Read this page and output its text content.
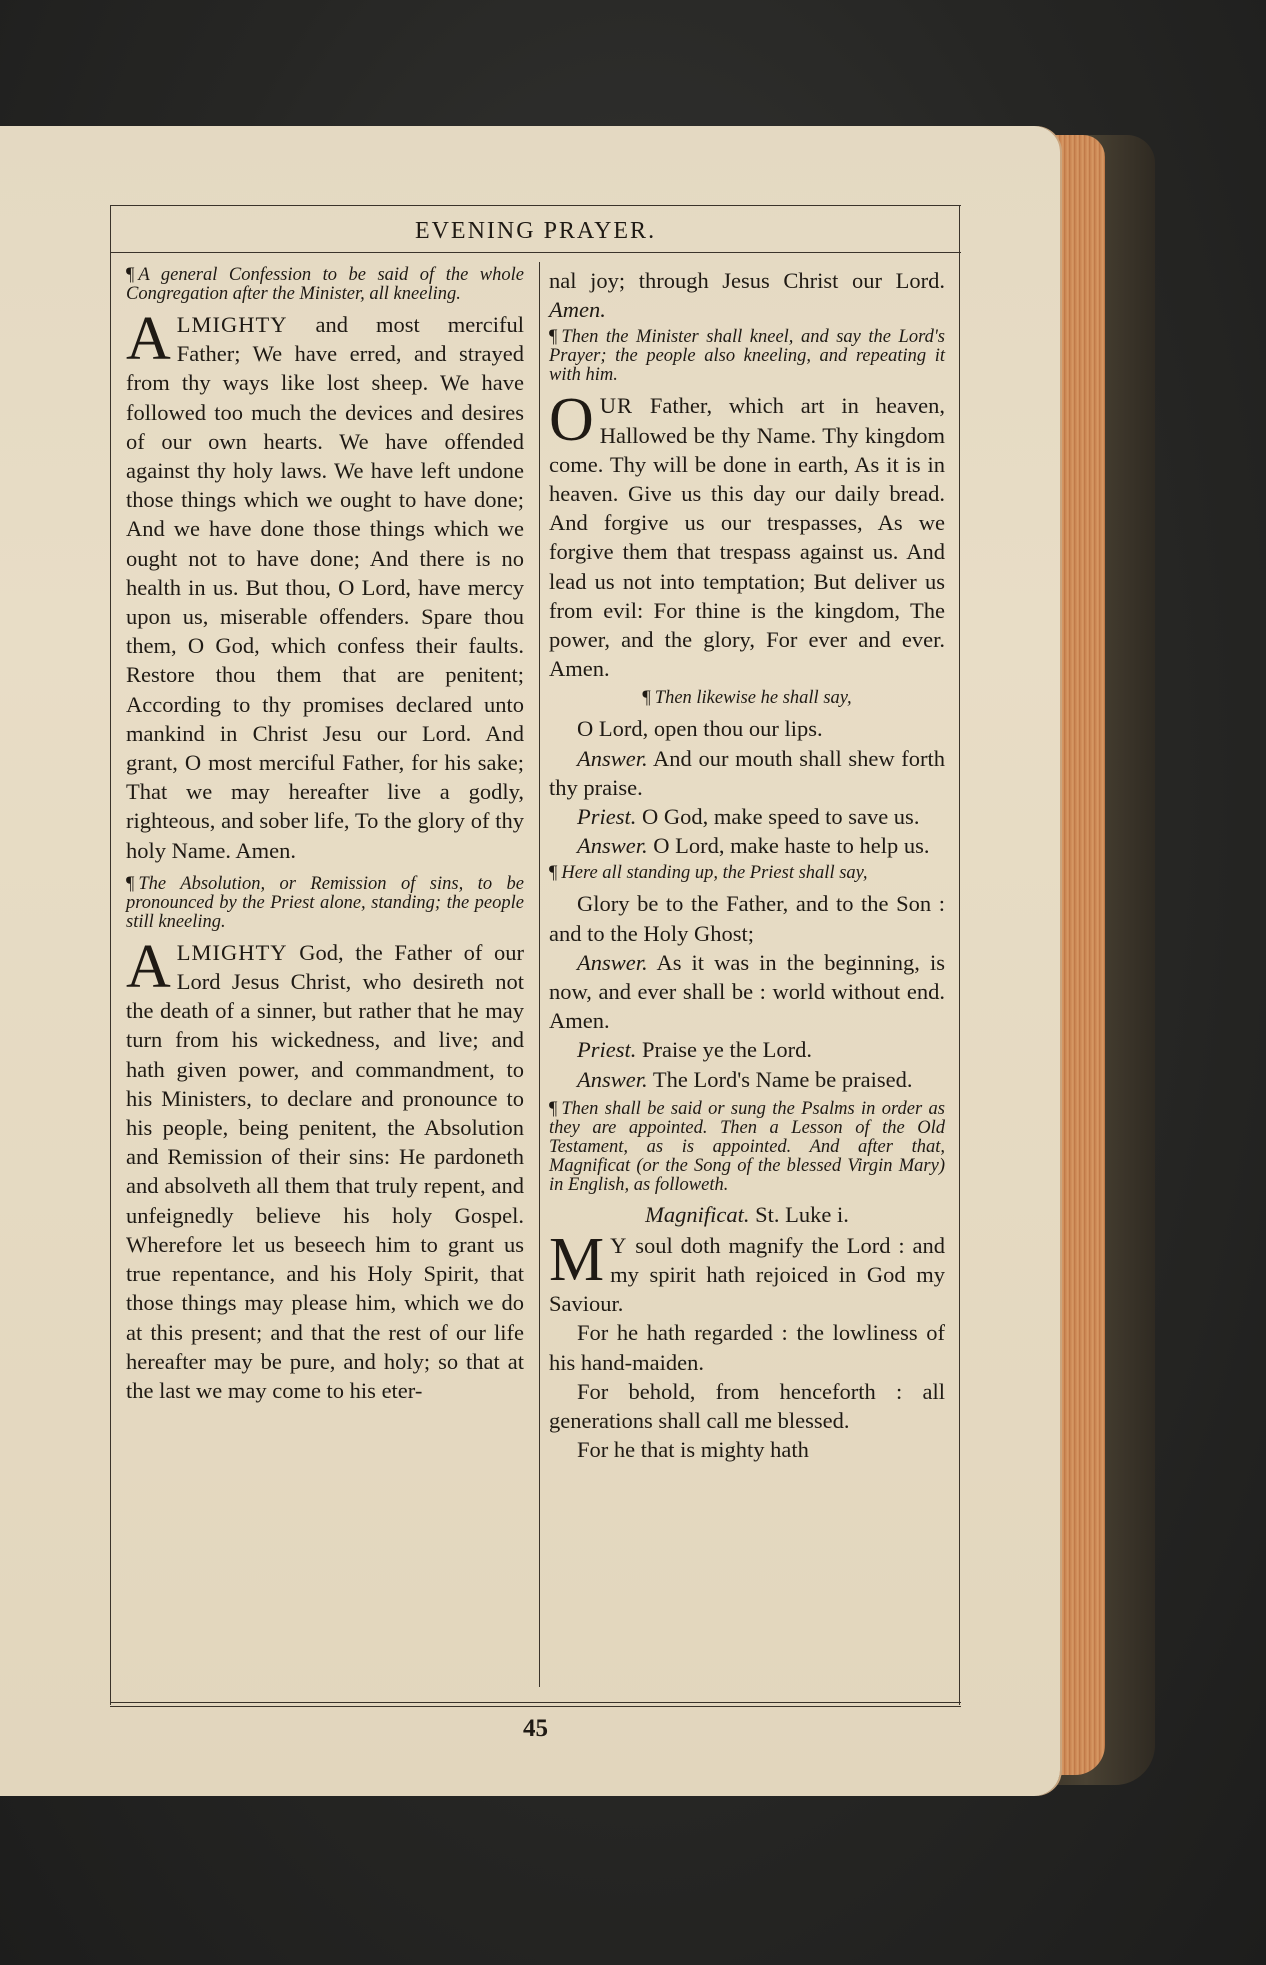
EVENING PRAYER.

¶ A general Confession to be said of the whole Congregation after the Minister, all kneeling.

ALMIGHTY and most merciful Father; We have erred, and strayed from thy ways like lost sheep. We have followed too much the devices and desires of our own hearts. We have offended against thy holy laws. We have left undone those things which we ought to have done; And we have done those things which we ought not to have done; And there is no health in us. But thou, O Lord, have mercy upon us, miserable offenders. Spare thou them, O God, which confess their faults. Restore thou them that are penitent; According to thy promises declared unto mankind in Christ Jesu our Lord. And grant, O most merciful Father, for his sake; That we may hereafter live a godly, righteous, and sober life, To the glory of thy holy Name. Amen.

¶ The Absolution, or Remission of sins, to be pronounced by the Priest alone, standing; the people still kneeling.

ALMIGHTY God, the Father of our Lord Jesus Christ, who desireth not the death of a sinner, but rather that he may turn from his wickedness, and live; and hath given power, and commandment, to his Ministers, to declare and pronounce to his people, being penitent, the Absolution and Remission of their sins: He pardoneth and absolveth all them that truly repent, and unfeignedly believe his holy Gospel. Wherefore let us beseech him to grant us true repentance, and his Holy Spirit, that those things may please him, which we do at this present; and that the rest of our life hereafter may be pure, and holy; so that at the last we may come to his eter-

nal joy; through Jesus Christ our Lord. Amen.

¶ Then the Minister shall kneel, and say the Lord's Prayer; the people also kneeling, and repeating it with him.

OUR Father, which art in heaven, Hallowed be thy Name. Thy kingdom come. Thy will be done in earth, As it is in heaven. Give us this day our daily bread. And forgive us our trespasses, As we forgive them that trespass against us. And lead us not into temptation; But deliver us from evil: For thine is the kingdom, The power, and the glory, For ever and ever. Amen.

¶ Then likewise he shall say,

O Lord, open thou our lips.

Answer. And our mouth shall shew forth thy praise.

Priest. O God, make speed to save us.

Answer. O Lord, make haste to help us.

¶ Here all standing up, the Priest shall say,

Glory be to the Father, and to the Son : and to the Holy Ghost;

Answer. As it was in the beginning, is now, and ever shall be : world without end. Amen.

Priest. Praise ye the Lord.

Answer. The Lord's Name be praised.

¶ Then shall be said or sung the Psalms in order as they are appointed. Then a Lesson of the Old Testament, as is appointed. And after that, Magnificat (or the Song of the blessed Virgin Mary) in English, as followeth.

Magnificat. St. Luke i.

M Y soul doth magnify the Lord : and my spirit hath rejoiced in God my Saviour.

For he hath regarded : the lowliness of his hand-maiden.

For behold, from henceforth : all generations shall call me blessed.

For he that is mighty hath

45
